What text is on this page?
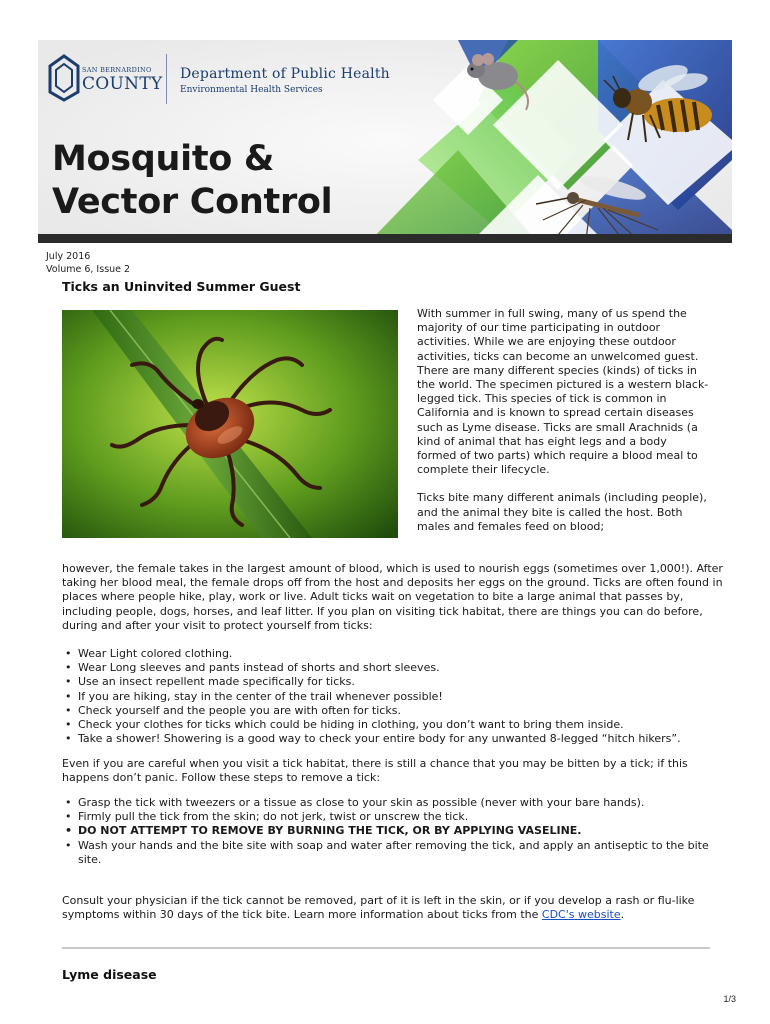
SAN BERNARDINO
COUNTY Department of Public Health
Environmental Health Services
Mosquito &
Vector Control
July 2016
Volume 6, Issue 2
Ticks an Uninvited Summer Guest

With summer in full swing, many of us spend the majority of our time participating in outdoor activities. While we are enjoying these outdoor activities, ticks can become an unwelcomed guest. There are many different species (kinds) of ticks in the world. The specimen pictured is a western black-legged tick. This species of tick is common in California and is known to spread certain diseases such as Lyme disease. Ticks are small Arachnids (a kind of animal that has eight legs and a body formed of two parts) which require a blood meal to complete their lifecycle.

Ticks bite many different animals (including people), and the animal they bite is called the host. Both males and females feed on blood;

however, the female takes in the largest amount of blood, which is used to nourish eggs (sometimes over 1,000!). After taking her blood meal, the female drops off from the host and deposits her eggs on the ground. Ticks are often found in places where people hike, play, work or live. Adult ticks wait on vegetation to bite a large animal that passes by, including people, dogs, horses, and leaf litter. If you plan on visiting tick habitat, there are things you can do before, during and after your visit to protect yourself from ticks:
• Wear Light colored clothing.
• Wear Long sleeves and pants instead of shorts and short sleeves.
• Use an insect repellent made specifically for ticks.
• If you are hiking, stay in the center of the trail whenever possible!
• Check yourself and the people you are with often for ticks.
• Check your clothes for ticks which could be hiding in clothing, you don’t want to bring them inside.
• Take a shower! Showering is a good way to check your entire body for any unwanted 8-legged “hitch hikers”.
Even if you are careful when you visit a tick habitat, there is still a chance that you may be bitten by a tick; if this happens don’t panic. Follow these steps to remove a tick:
• Grasp the tick with tweezers or a tissue as close to your skin as possible (never with your bare hands).
• Firmly pull the tick from the skin; do not jerk, twist or unscrew the tick.
• DO NOT ATTEMPT TO REMOVE BY BURNING THE TICK, OR BY APPLYING VASELINE.
• Wash your hands and the bite site with soap and water after removing the tick, and apply an antiseptic to the bite site.
Consult your physician if the tick cannot be removed, part of it is left in the skin, or if you develop a rash or flu-like symptoms within 30 days of the tick bite. Learn more information about ticks from the CDC's website.
Lyme disease
1/3
